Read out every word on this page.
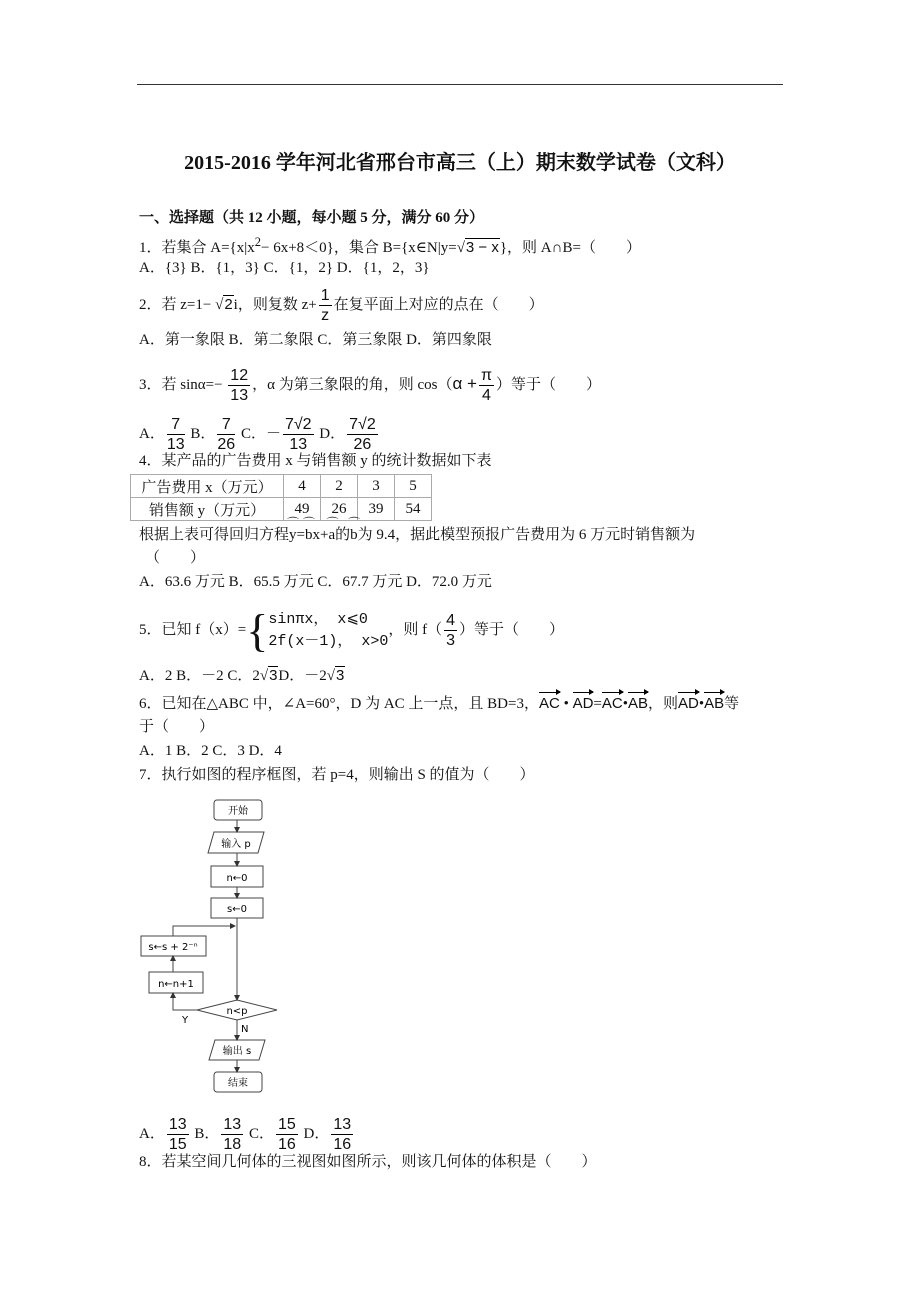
2015-2016 学年河北省邢台市高三（上）期末数学试卷（文科）
一、选择题（共 12 小题，每小题 5 分，满分 60 分）
1．若集合 $A=\{x|x^2- 6x+8<0\}$，集合 B={x∈N|y=√3 − x}，则 A∩B=（　　）
A．{3} B．{1，3} C．{1，2} D．{1，2，3}
2．若 z=1− √2i，则复数 $z+ \frac{1}{z}$ 在复平面上对应的点在（　　）
A．第一象限 B．第二象限 C．第三象限 D．第四象限
3．若 $\sin\alpha=- \frac{12}{13}$ ，α 为第三象限的角，则 $\cos(\alpha + \frac{\pi}{4}$ ）等于（　　）
A． $\frac{7}{13}$ B． $\frac{7}{26}$ C．－ $\frac{7√2}{13}$ D． $\frac{7√2}{26}$
4．某产品的广告费用 x 与销售额 y 的统计数据如下表
广告费用 x（万元）	4	2	3	5
销售额 y（万元）	49	26	39	54
根据上表可得回归方程⌒ y=⌒ bx+⌒ a的⌒ b为 9.4，据此模型预报广告费用为 6 万元时销售额为
（　　）
A．63.6 万元 B．65.5 万元 C．67.7 万元 D．72.0 万元
5．已知 f（x）= { sinπx， x⩽0
2f(x－1)， x>0
，则 $f( \frac{4}{3}$ ）等于（　　）
A．2 B．－2 C．2√3D．－2√3
6．已知在△ABC 中，∠A=60°，D 为 AC 上一点，且 BD=3，AC • AD=AC•AB，则AD•AB等
于（　　）
A．1 B．2 C．3 D．4
7．执行如图的程序框图，若 p=4，则输出 S 的值为（　　）
开始
输入 p
n←0
s←0
s←s + 2⁻ⁿ
n←n+1
n<p
Y
N
输出 s
结束
A． $\frac{13}{15}$ B． $\frac{13}{18}$ C． $\frac{15}{16}$ D． $\frac{13}{16}$
8．若某空间几何体的三视图如图所示，则该几何体的体积是（　　）
